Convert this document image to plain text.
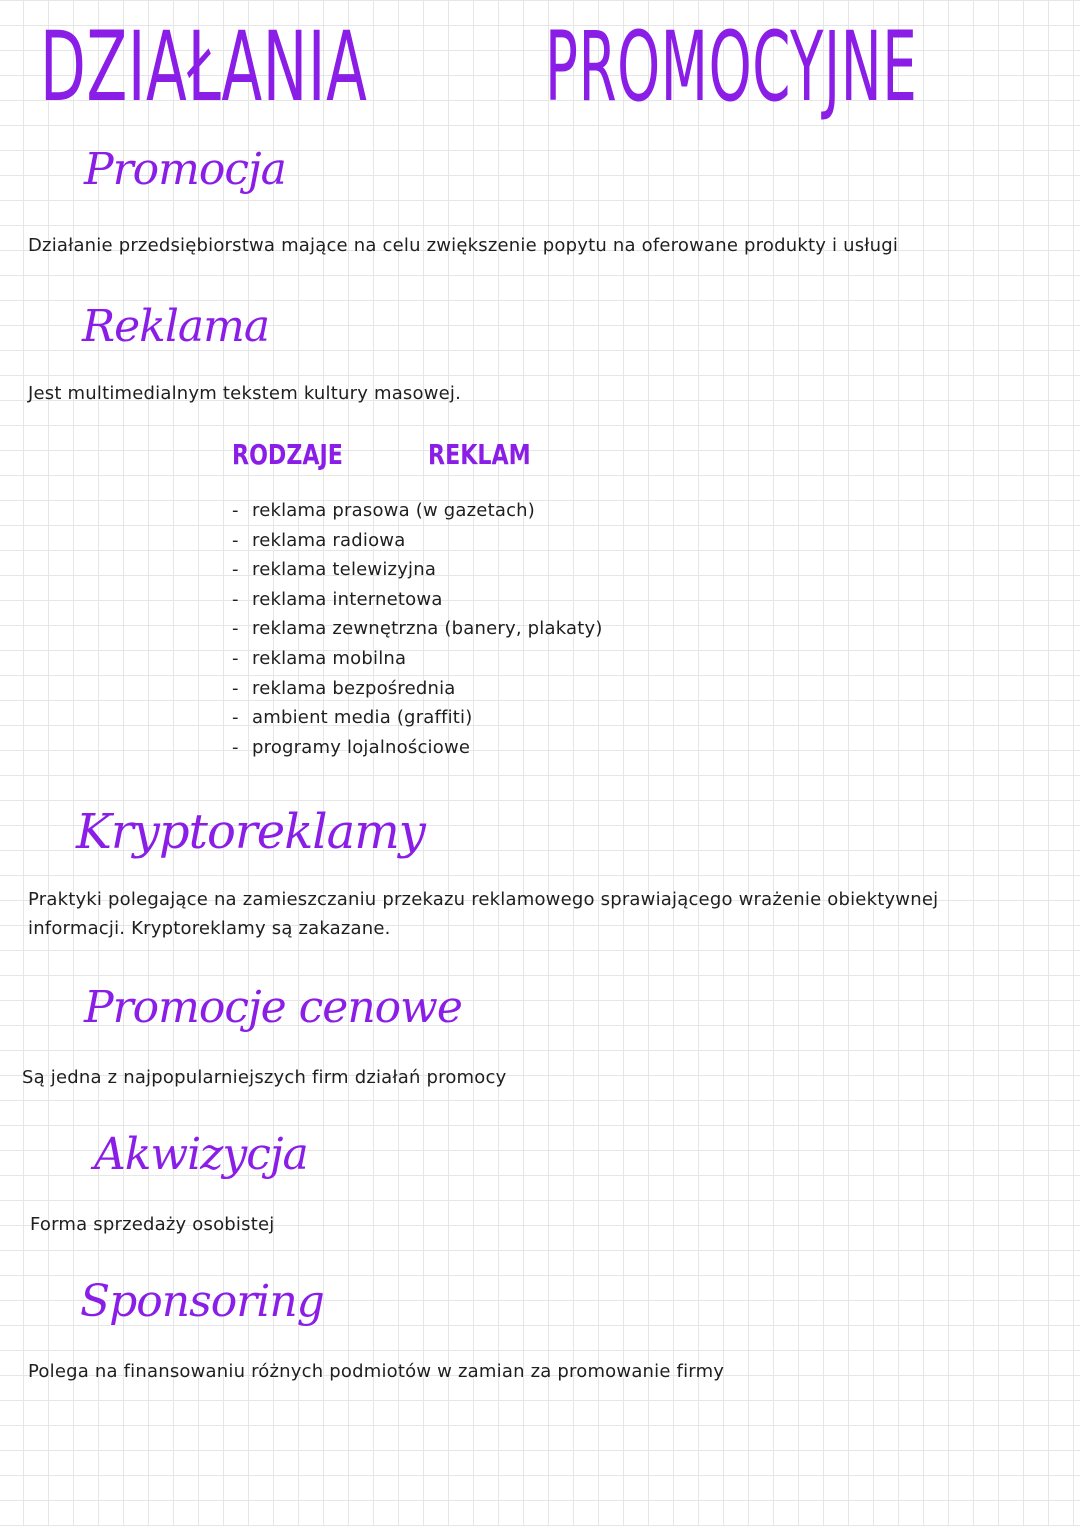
DZIAŁANIA PROMOCYJNE
Promocja

Działanie przedsiębiorstwa mające na celu zwiększenie popytu na oferowane produkty i usługi

Reklama

Jest multimedialnym tekstem kultury masowej.

RODZAJE	REKLAM
- reklama prasowa (w gazetach)
- reklama radiowa
- reklama telewizyjna
- reklama internetowa
- reklama zewnętrzna (banery, plakaty)
- reklama mobilna
- reklama bezpośrednia
- ambient media (graffiti)
- programy lojalnościowe
Kryptoreklamy

Praktyki polegające na zamieszczaniu przekazu reklamowego sprawiającego wrażenie obiektywnej

informacji. Kryptoreklamy są zakazane.

Promocje cenowe

Są jedna z najpopularniejszych firm działań promocy

Akwizycja

Forma sprzedaży osobistej

Sponsoring

Polega na finansowaniu różnych podmiotów w zamian za promowanie firmy
